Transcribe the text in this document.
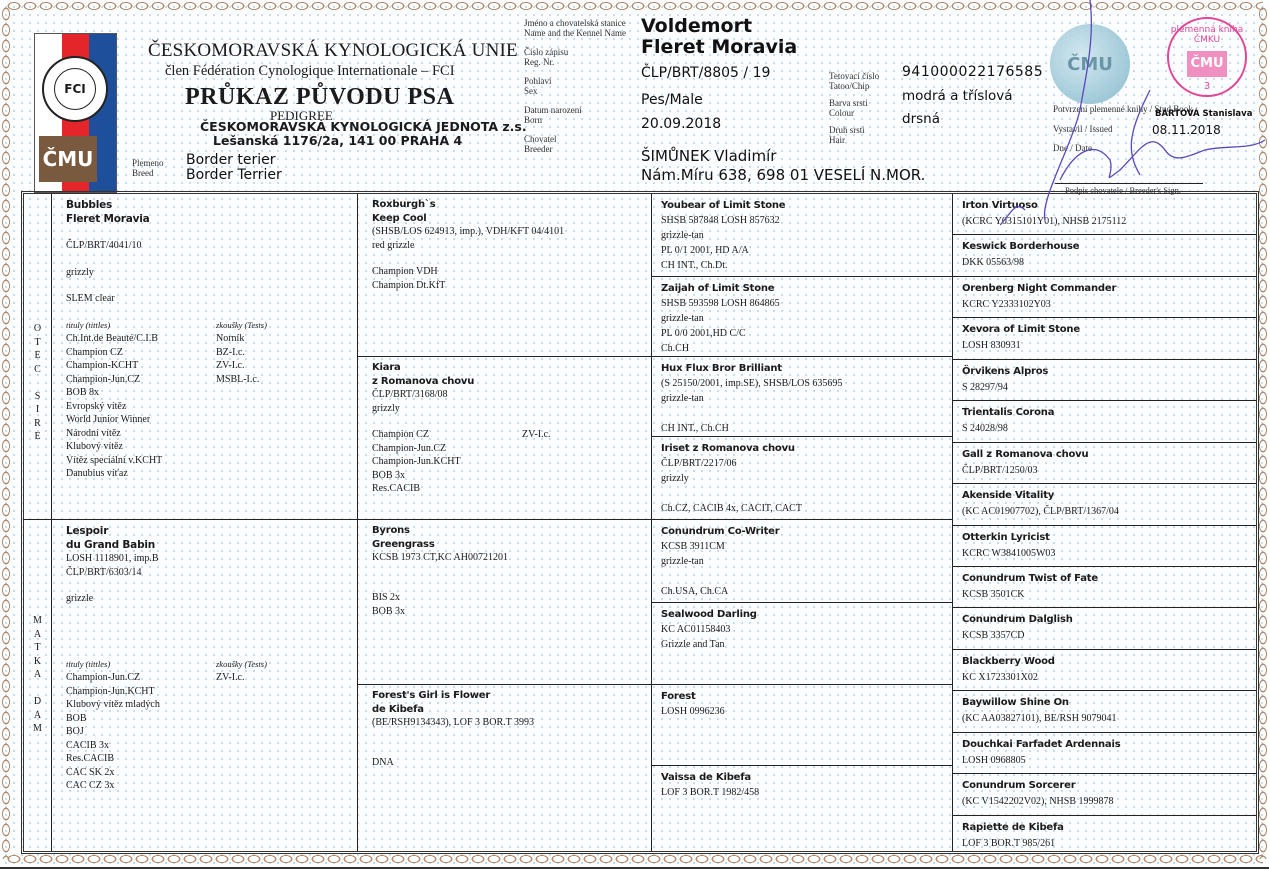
FCI
ČMU
ČESKOMORAVSKÁ KYNOLOGICKÁ UNIE
člen Fédération Cynologique Internationale – FCI
PRŮKAZ PŮVODU PSA
PEDIGREE
ČESKOMORAVSKÁ KYNOLOGICKÁ JEDNOTA z.s.
Lešanská 1176/2a, 141 00 PRAHA 4
Plemeno
Breed
Border terier
Border Terrier
Jméno a chovatelská stanice
Name and the Kennel Name
Číslo zápisu
Reg. Nr.
Pohlaví
Sex
Datum narození
Born
Chovatel
Breeder
Voldemort
Fleret Moravia
ČLP/BRT/8805 / 19
Pes/Male
20.09.2018
ŠIMŮNEK Vladimír
Nám.Míru 638, 698 01 VESELÍ N.MOR.
Tetovací číslo
Tatoo/Chip
Barva srsti
Colour
Druh srsti
Hair
941000022176585
modrá a tříslová
drsná
ČMU
plemenná kniha ČMKU
ČMU
3
Potvrzení plemenné knihy / Stud Book
Vystavil / Issued
Dne / Date
BÁRTOVÁ Stanislava
08.11.2018
Podpis chovatele / Breeder's Sign.
O
T
E
C

S
I
R
E
M
A
T
K
A

D
A
M
Bubbles
Fleret Moravia
ČLP/BRT/4041/10
grizzly
SLEM clear
tituly (tittles)	zkoušky (Tests)
Ch.Int.de Beauté/C.I.B
Champion CZ
Champion-KCHT
Champion-Jun.CZ
BOB 8x
Evropský vítěz
World Junior Winner
Národní vítěz
Klubový vítěz
Vítěz speciální v.KCHT
Danubius víťaz
Norník
BZ-I.c.
ZV-I.c.
MSBL-I.c.
Lespoir
du Grand Babin
LOSH 1118901, imp.B
ČLP/BRT/6303/14
grizzle
tituly (tittles)	zkoušky (Tests)
Champion-Jun.CZ
Champion-Jun.KCHT
Klubový vítěz mladých
BOB
BOJ
CACIB 3x
Res.CACIB
CAC SK 2x
CAC CZ 3x
ZV-I.c.
Roxburgh`s
Keep Cool
(SHSB/LOS 624913, imp.), VDH/KFT 04/4101
red grizzle
Champion VDH
Champion Dt.KfT
Kiara
z Romanova chovu
ČLP/BRT/3168/08
grizzly
Champion CZ
Champion-Jun.CZ
Champion-Jun.KCHT
BOB 3x
Res.CACIB
ZV-I.c.
Byrons
Greengrass
KCSB 1973 CT,KC AH00721201

BIS 2x
BOB 3x
Forest's Girl is Flower
de Kibefa
(BE/RSH9134343), LOF 3 BOR.T 3993

DNA
Youbear of Limit Stone
SHSB 587848 LOSH 857632
grizzle-tan
PL 0/1 2001, HD A/A
CH INT., Ch.Dt.
Zaijah of Limit Stone
SHSB 593598 LOSH 864865
grizzle-tan
PL 0/0 2001,HD C/C
Ch.CH
Hux Flux Bror Brilliant
(S 25150/2001, imp.SE), SHSB/LOS 635695
grizzle-tan

CH INT., Ch.CH
Iriset z Romanova chovu
ČLP/BRT/2217/06
grizzly

Ch.CZ, CACIB 4x, CACIT, CACT
Conundrum Co-Writer
KCSB 3911CM
grizzle-tan

Ch.USA, Ch.CA
Sealwood Darling
KC AC01158403
Grizzle and Tan
Forest
LOSH 0996236
Vaissa de Kibefa
LOF 3 BOR.T 1982/458
Irton Virtuoso
(KCRC Y0315101Y01), NHSB 2175112
Keswick Borderhouse
DKK 05563/98
Orenberg Night Commander
KCRC Y2333102Y03
Xevora of Limit Stone
LOSH 830931
Örvikens Alpros
S 28297/94
Trientalis Corona
S 24028/98
Gall z Romanova chovu
ČLP/BRT/1250/03
Akenside Vitality
(KC AC01907702), ČLP/BRT/1367/04
Otterkin Lyricist
KCRC W3841005W03
Conundrum Twist of Fate
KCSB 3501CK
Conundrum Dalglish
KCSB 3357CD
Blackberry Wood
KC X1723301X02
Baywillow Shine On
(KC AA03827101), BE/RSH 9079041
Douchkai Farfadet Ardennais
LOSH 0968805
Conundrum Sorcerer
(KC V1542202V02), NHSB 1999878
Rapiette de Kibefa
LOF 3 BOR.T 985/261
